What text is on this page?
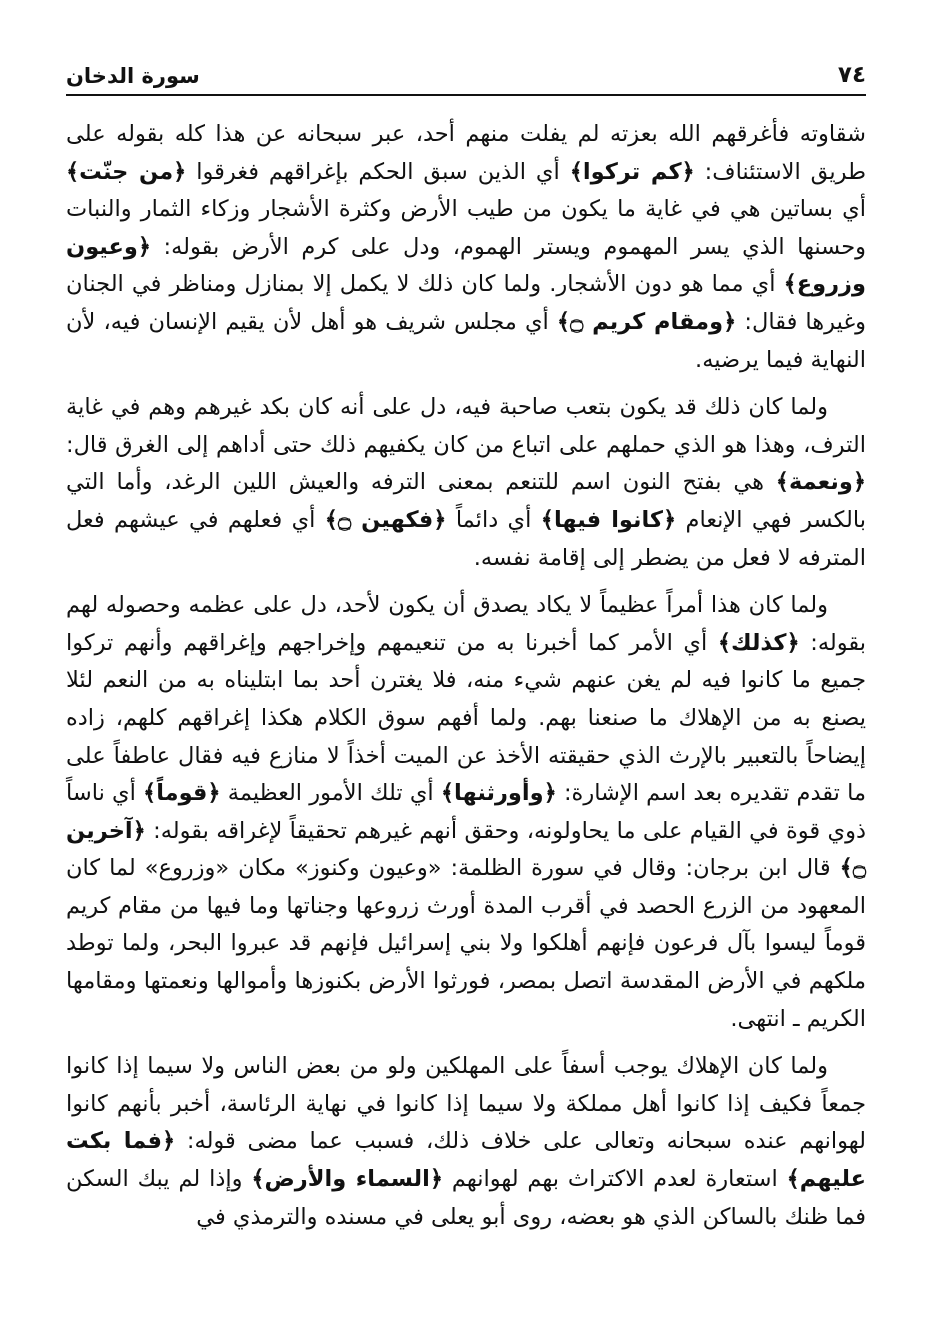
سورة الدخان	٧٤

شقاوته فأغرقهم الله بعزته لم يفلت منهم أحد، عبر سبحانه عن هذا كله بقوله على طريق الاستئناف: ﴿كم تركوا﴾ أي الذين سبق الحكم بإغراقهم فغرقوا ﴿من جنّت﴾ أي بساتين هي في غاية ما يكون من طيب الأرض وكثرة الأشجار وزكاء الثمار والنبات وحسنها الذي يسر المهموم ويستر الهموم، ودل على كرم الأرض بقوله: ﴿وعيون وزروع﴾ أي مما هو دون الأشجار. ولما كان ذلك لا يكمل إلا بمنازل ومناظر في الجنان وغيرها فقال: ﴿ومقام كريم ۝﴾ أي مجلس شريف هو أهل لأن يقيم الإنسان فيه، لأن النهاية فيما يرضيه.

ولما كان ذلك قد يكون بتعب صاحبة فيه، دل على أنه كان بكد غيرهم وهم في غاية الترف، وهذا هو الذي حملهم على اتباع من كان يكفيهم ذلك حتى أداهم إلى الغرق قال: ﴿ونعمة﴾ هي بفتح النون اسم للتنعم بمعنى الترفه والعيش اللين الرغد، وأما التي بالكسر فهي الإنعام ﴿كانوا فيها﴾ أي دائماً ﴿فكهين ۝﴾ أي فعلهم في عيشهم فعل المترفه لا فعل من يضطر إلى إقامة نفسه.

ولما كان هذا أمراً عظيماً لا يكاد يصدق أن يكون لأحد، دل على عظمه وحصوله لهم بقوله: ﴿كذلك﴾ أي الأمر كما أخبرنا به من تنعيمهم وإخراجهم وإغراقهم وأنهم تركوا جميع ما كانوا فيه لم يغن عنهم شيء منه، فلا يغترن أحد بما ابتليناه به من النعم لئلا يصنع به من الإهلاك ما صنعنا بهم. ولما أفهم سوق الكلام هكذا إغراقهم كلهم، زاده إيضاحاً بالتعبير بالإرث الذي حقيقته الأخذ عن الميت أخذاً لا منازع فيه فقال عاطفاً على ما تقدم تقديره بعد اسم الإشارة: ﴿وأورثنها﴾ أي تلك الأمور العظيمة ﴿قوماً﴾ أي ناساً ذوي قوة في القيام على ما يحاولونه، وحقق أنهم غيرهم تحقيقاً لإغراقه بقوله: ﴿آخرين ۝﴾ قال ابن برجان: وقال في سورة الظلمة: «وعيون وكنوز» مكان «وزروع» لما كان المعهود من الزرع الحصد في أقرب المدة أورث زروعها وجناتها وما فيها من مقام كريم قوماً ليسوا بآل فرعون فإنهم أهلكوا ولا بني إسرائيل فإنهم قد عبروا البحر، ولما توطد ملكهم في الأرض المقدسة اتصل بمصر، فورثوا الأرض بكنوزها وأموالها ونعمتها ومقامها الكريم ـ انتهى.

ولما كان الإهلاك يوجب أسفاً على المهلكين ولو من بعض الناس ولا سيما إذا كانوا جمعاً فكيف إذا كانوا أهل مملكة ولا سيما إذا كانوا في نهاية الرئاسة، أخبر بأنهم كانوا لهوانهم عنده سبحانه وتعالى على خلاف ذلك، فسبب عما مضى قوله: ﴿فما بكت عليهم﴾ استعارة لعدم الاكتراث بهم لهوانهم ﴿السماء والأرض﴾ وإذا لم يبك السكن فما ظنك بالساكن الذي هو بعضه، روى أبو يعلى في مسنده والترمذي في
